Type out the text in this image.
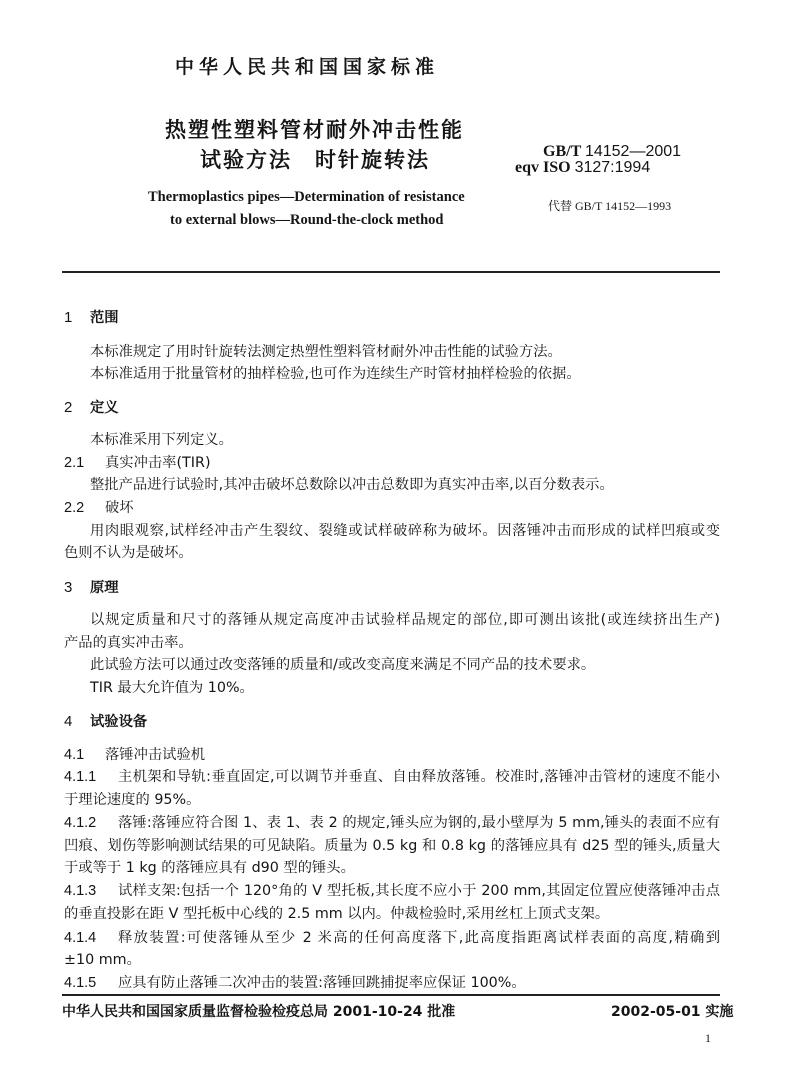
中华人民共和国国家标准
热塑性塑料管材耐外冲击性能
试验方法　时针旋转法	GB/T 14152—2001
eqv ISO 3127:1994
Thermoplastics pipes—Determination of resistance
to external blows—Round-the-clock method
代替 GB/T 14152—1993
1	范围
本标准规定了用时针旋转法测定热塑性塑料管材耐外冲击性能的试验方法。
本标准适用于批量管材的抽样检验,也可作为连续生产时管材抽样检验的依据。
2	定义
本标准采用下列定义。
2.1	真实冲击率(TIR)
整批产品进行试验时,其冲击破坏总数除以冲击总数即为真实冲击率,以百分数表示。
2.2	破坏
用肉眼观察,试样经冲击产生裂纹、裂缝或试样破碎称为破坏。因落锤冲击而形成的试样凹痕或变
色则不认为是破坏。
3	原理
以规定质量和尺寸的落锤从规定高度冲击试验样品规定的部位,即可测出该批(或连续挤出生产)
产品的真实冲击率。
此试验方法可以通过改变落锤的质量和/或改变高度来满足不同产品的技术要求。
TIR 最大允许值为 10%。
4	试验设备
4.1	落锤冲击试验机
4.1.1	主机架和导轨:垂直固定,可以调节并垂直、自由释放落锤。校准时,落锤冲击管材的速度不能小
于理论速度的 95%。
4.1.2	落锤:落锤应符合图 1、表 1、表 2 的规定,锤头应为钢的,最小壁厚为 5 mm,锤头的表面不应有
凹痕、划伤等影响测试结果的可见缺陷。质量为 0.5 kg 和 0.8 kg 的落锤应具有 d25 型的锤头,质量大
于或等于 1 kg 的落锤应具有 d90 型的锤头。
4.1.3	试样支架:包括一个 120°角的 V 型托板,其长度不应小于 200 mm,其固定位置应使落锤冲击点
的垂直投影在距 V 型托板中心线的 2.5 mm 以内。仲裁检验时,采用丝杠上顶式支架。
4.1.4	释放装置:可使落锤从至少 2 米高的任何高度落下,此高度指距离试样表面的高度,精确到
±10 mm。
4.1.5	应具有防止落锤二次冲击的装置:落锤回跳捕捉率应保证 100%。
中华人民共和国国家质量监督检验检疫总局 2001-10-24 批准	2002-05-01 实施
1
